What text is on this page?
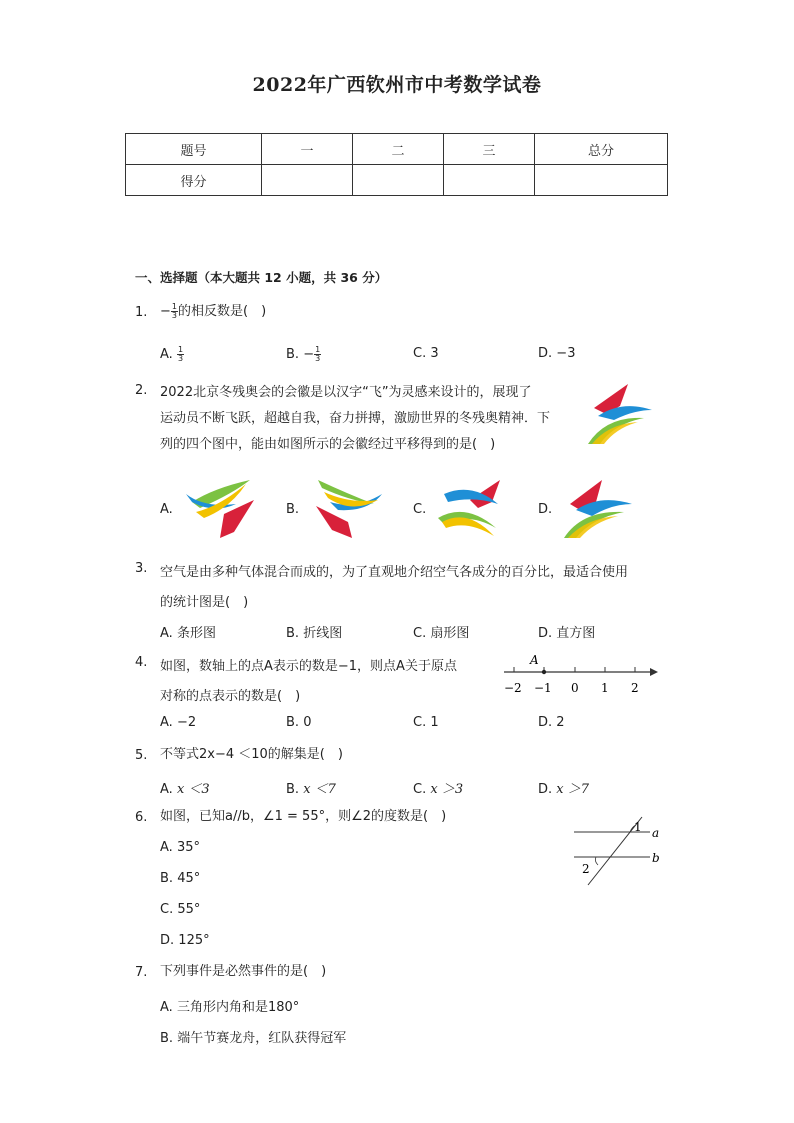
2022年广西钦州市中考数学试卷
题号	一	二	三	总分
得分				
一、选择题（本大题共 12 小题，共 36 分）
1. − $\frac{1}{3}$ 的相反数是(　)
A. $\frac{1}{3}$	B. − $\frac{1}{3}$	C. 3	D. −3
2. 2022北京冬残奥会的会徽是以汉字“飞”为灵感来设计的，展现了
运动员不断飞跃，超越自我，奋力拼搏，激励世界的冬残奥精神．下
列的四个图中，能由如图所示的会徽经过平移得到的是(　)
A.	B.	C.	D.
3. 空气是由多种气体混合而成的，为了直观地介绍空气各成分的百分比，最适合使用
的统计图是(　)
A. 条形图	B. 折线图	C. 扇形图	D. 直方图
4. 如图，数轴上的点A表示的数是−1，则点A关于原点
对称的点表示的数是(　)
A
−2 −1 0 1 2
A. −2	B. 0	C. 1	D. 2
5. 不等式2x−4 ＜10的解集是(　)
A. x ＜3	B. x ＜7	C. x ＞3	D. x ＞7
6. 如图，已知a//b，∠1 = 55°，则∠2的度数是(　)
A. 35°
B. 45°
C. 55°
D. 125°
1
2
a
b
7. 下列事件是必然事件的是(　)
A. 三角形内角和是180°
B. 端午节赛龙舟，红队获得冠军
